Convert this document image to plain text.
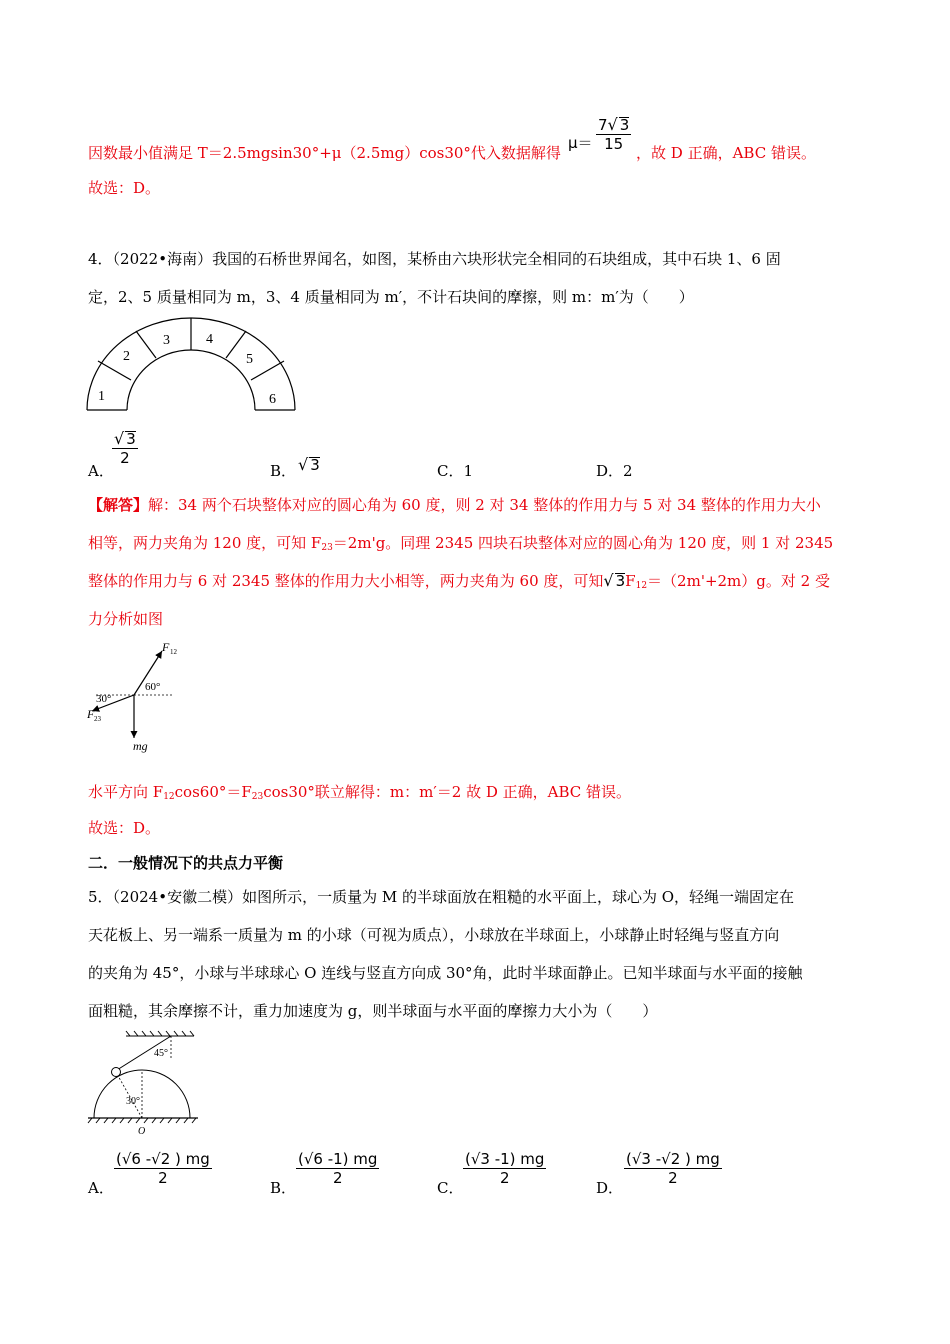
因数最小值满足 T＝2.5mgsin30°+μ（2.5mg）cos30°代入数据解得
$\mu= \frac{7√ 3}{15}$ ，故 D 正确，ABC 错误。
故选：D。
4．（2022•海南）我国的石桥世界闻名，如图，某桥由六块形状完全相同的石块组成，其中石块 1、6 固
定，2、5 质量相同为 m，3、4 质量相同为 m′，不计石块间的摩擦，则 m：m′为（　　）
1
2
3	4
5
6
A．
$\frac{√ 3}{2}$
B． √ 3	C．1	D．2
【解答】解：34 两个石块整体对应的圆心角为 60 度，则 2 对 34 整体的作用力与 5 对 34 整体的作用力大小
相等，两力夹角为 120 度，可知 $F_{23}=2m'g$。同理 2345 四块石块整体对应的圆心角为 120 度，则 1 对 2345
整体的作用力与 6 对 2345 整体的作用力大小相等，两力夹角为 60 度，可知√ $3F_{12}=(2m'+2m)g$。对 2 受
力分析如图
F 12
F 23
30°
60°
mg
水平方向 $F_{12}\cos 60^\circ=F_{23}\cos 30^\circ$联立解得：m：m′＝2 故 D 正确，ABC 错误。
故选：D。
二．一般情况下的共点力平衡
5．（2024•安徽二模）如图所示，一质量为 M 的半球面放在粗糙的水平面上，球心为 O，轻绳一端固定在
天花板上、另一端系一质量为 m 的小球（可视为质点），小球放在半球面上，小球静止时轻绳与竖直方向
的夹角为 45°，小球与半球球心 O 连线与竖直方向成 30°角，此时半球面静止。已知半球面与水平面的接触
面粗糙，其余摩擦不计，重力加速度为 g，则半球面与水平面的摩擦力大小为（　　）
45°
30°
O
A．
$\frac{(√6 -√2 ) mg}{2}$
B．
$\frac{(√6 -1) mg}{2}$
C．
$\frac{(√3 -1) mg}{2}$
D．
$\frac{(√3 -√2 ) mg}{2}$
